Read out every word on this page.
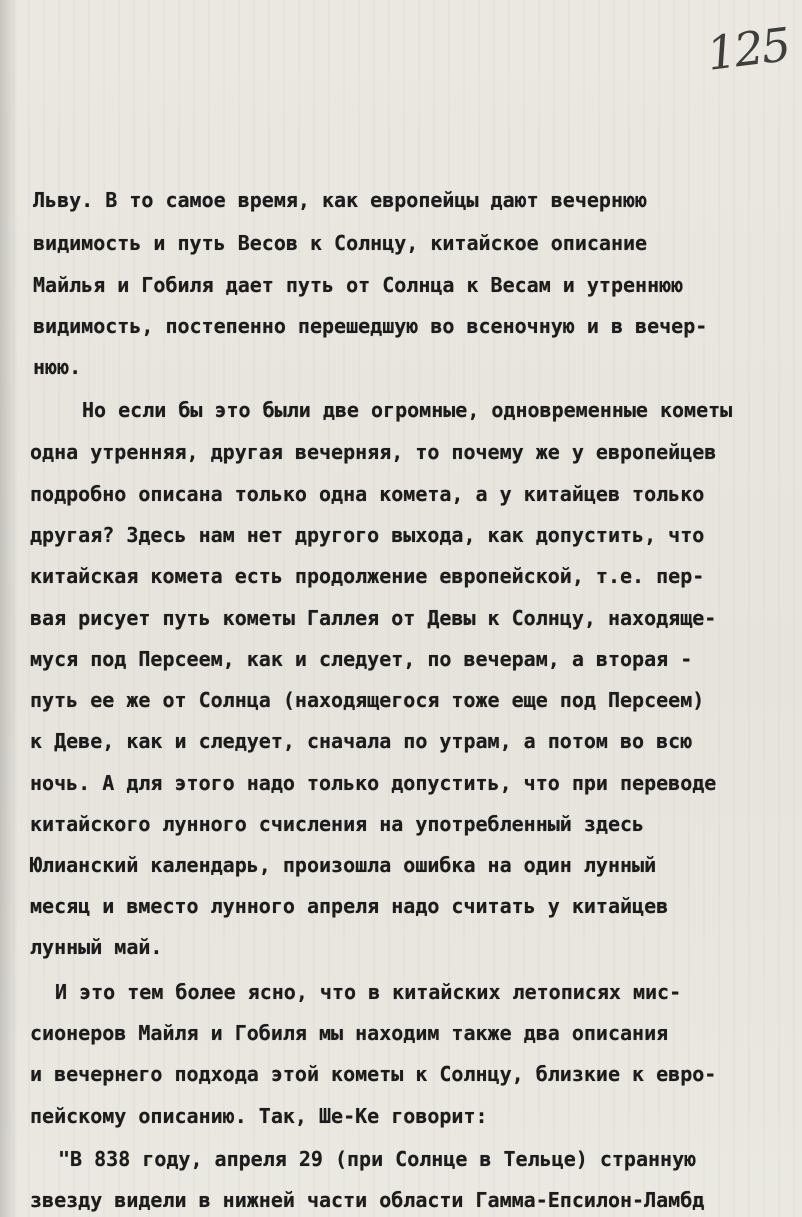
125
Льву. В то самое время, как европейцы дают вечернюю
видимость и путь Весов к Солнцу, китайское описание
Майлья и Гобиля дает путь от Солнца к Весам и утреннюю
видимость, постепенно перешедшую во всеночную и в вечер-
нюю.
Но если бы это были две огромные, одновременные кометы
одна утренняя, другая вечерняя, то почему же у европейцев
подробно описана только одна комета, а у китайцев только
другая? Здесь нам нет другого выхода, как допустить, что
китайская комета есть продолжение европейской, т.е. пер-
вая рисует путь кометы Галлея от Девы к Солнцу, находяще-
муся под Персеем, как и следует, по вечерам, а вторая -
путь ее же от Солнца (находящегося тоже еще под Персеем)
к Деве, как и следует, сначала по утрам, а потом во всю
ночь. А для этого надо только допустить, что при переводе
китайского лунного счисления на употребленный здесь
Юлианский календарь, произошла ошибка на один лунный
месяц и вместо лунного апреля надо считать у китайцев
лунный май.
И это тем более ясно, что в китайских летописях мис-
сионеров Майля и Гобиля мы находим также два описания
и вечернего подхода этой кометы к Солнцу, близкие к евро-
пейскому описанию. Так, Ше-Ке говорит:
"В 838 году, апреля 29 (при Солнце в Тельце) странную
звезду видели в нижней части области Гамма-Епсилон-Ламбд
